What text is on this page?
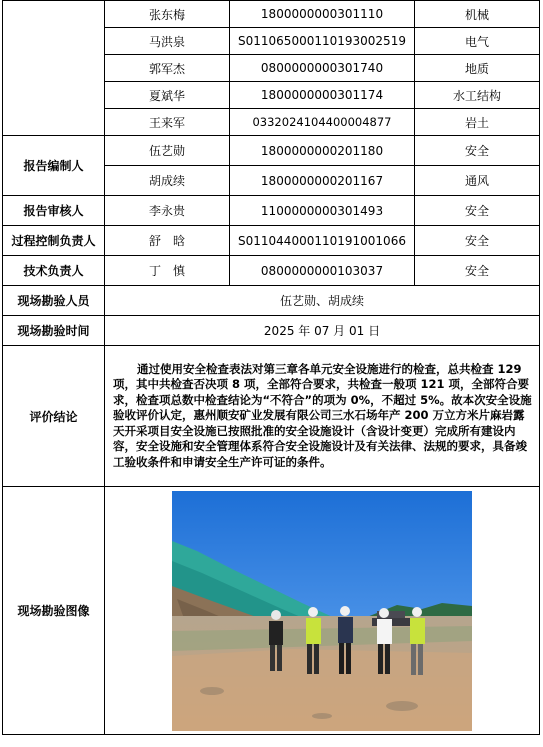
	张东梅	1800000000301110	机械
	马洪泉	S011065000110193002519	电气
	郭军杰	0800000000301740	地质
	夏斌华	1800000000301174	水工结构
	王来军	0332024104400004877	岩土
报告编制人	伍艺勋	1800000000201180	安全
	胡成续	1800000000201167	通风
报告审核人	李永贵	1100000000301493	安全
过程控制负责人	舒　晗	S011044000110191001066	安全
技术负责人	丁　慎	0800000000103037	安全
现场勘验人员	伍艺勋、胡成续		
现场勘验时间	2025 年 07 月 01 日		
评价结论	通过使用安全检查表法对第三章各单元安全设施进行的检查，总共检查 129 项，其中共检查否决项 8 项，全部符合要求，共检查一般项 121 项，全部符合要求，检查项总数中检查结论为“不符合”的项为 0%，不超过 5%。故本次安全设施验收评价认定，惠州顺安矿业发展有限公司三水石场年产 200 万立方米片麻岩露天开采项目安全设施已按照批准的安全设施设计（含设计变更）完成所有建设内容，安全设施和安全管理体系符合安全设施设计及有关法律、法规的要求，具备竣工验收条件和申请安全生产许可证的条件。		
现场勘验图像	
